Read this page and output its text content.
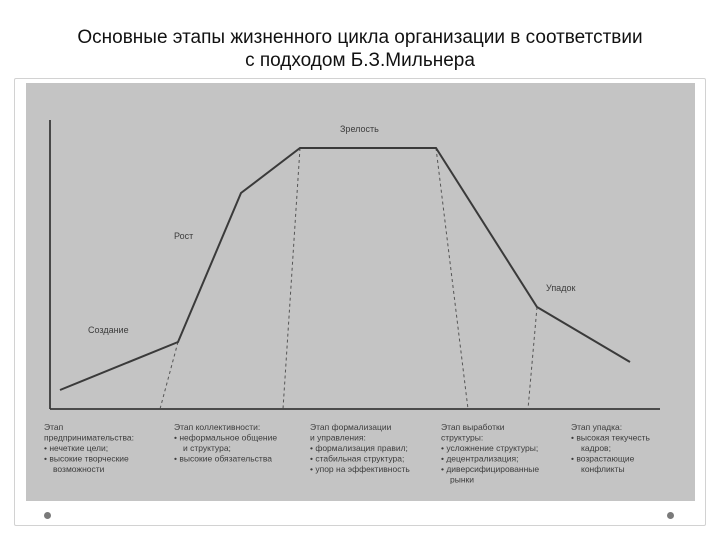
Основные этапы жизненного цикла организации в соответствии
с подходом Б.З.Мильнера
Создание
Рост
Зрелость
Упадок
Этап предпринимательства: • нечеткие цели; • высокие творческие возможности
Этап коллективности: • неформальное общение и структура; • высокие обязательства
Этап формализации и управления: • формализация правил; • стабильная структура; • упор на эффективность
Этап выработки структуры: • усложнение структуры; • децентрализация; • диверсифицированные рынки
Этап упадка: • высокая текучесть кадров; • возрастающие конфликты
